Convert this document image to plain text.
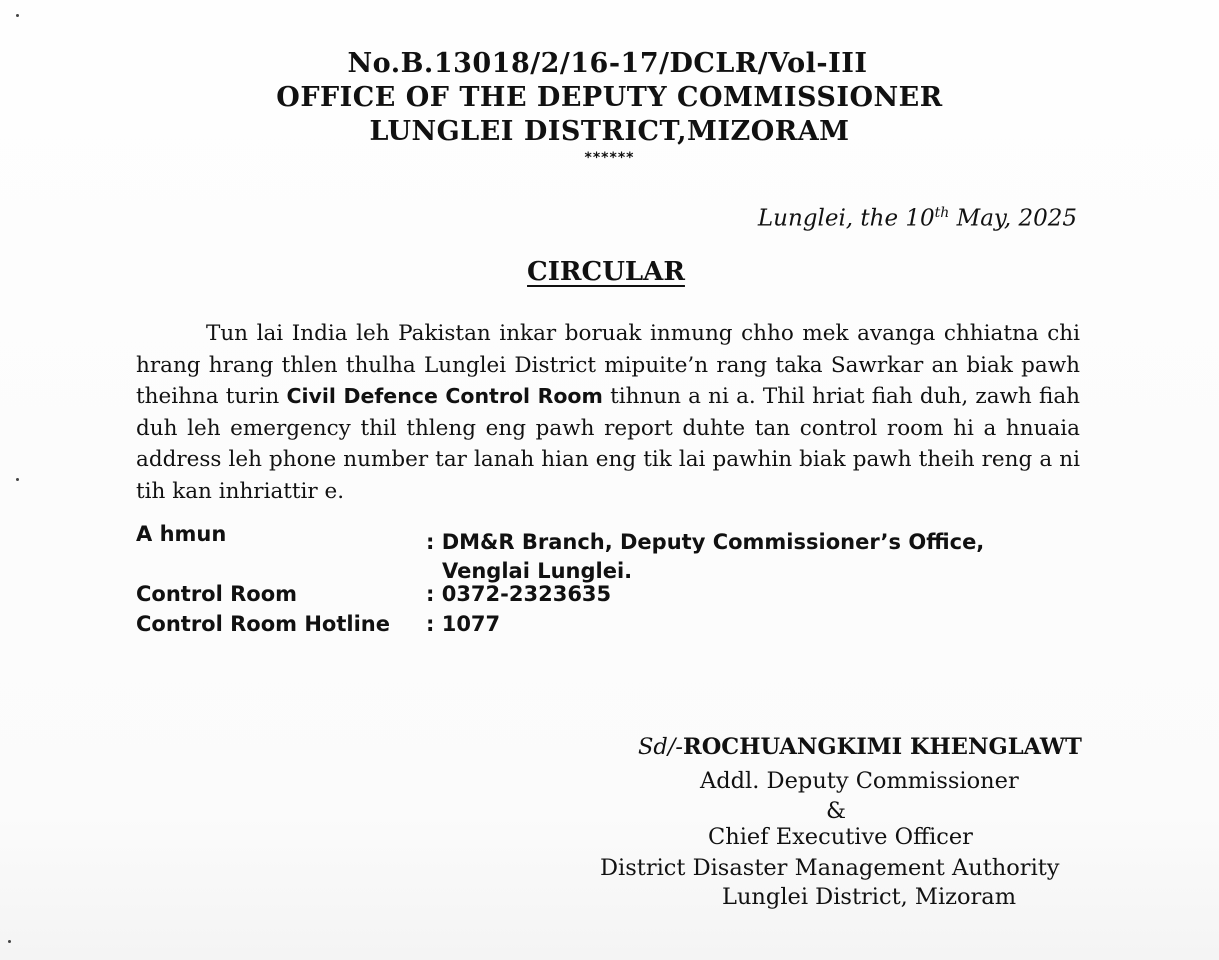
No.B.13018/2/16-17/DCLR/Vol-III
OFFICE OF THE DEPUTY COMMISSIONER
LUNGLEI DISTRICT,MIZORAM
******
Lunglei, the 10th May, 2025
CIRCULAR
Tun lai India leh Pakistan inkar boruak inmung chho mek avanga chhiatna chi hrang hrang thlen thulha Lunglei District mipuite’n rang taka Sawrkar an biak pawh theihna turin Civil Defence Control Room tihnun a ni a. Thil hriat fiah duh, zawh fiah duh leh emergency thil thleng eng pawh report duhte tan control room hi a hnuaia address leh phone number tar lanah hian eng tik lai pawhin biak pawh theih reng a ni tih kan inhriattir e.
A hmun	: DM&R Branch, Deputy Commissioner’s Office,
Venglai Lunglei.
Control Room	: 0372-2323635
Control Room Hotline : 1077
Sd/-ROCHUANGKIMI KHENGLAWT
Addl. Deputy Commissioner
&
Chief Executive Officer
District Disaster Management Authority
Lunglei District, Mizoram
